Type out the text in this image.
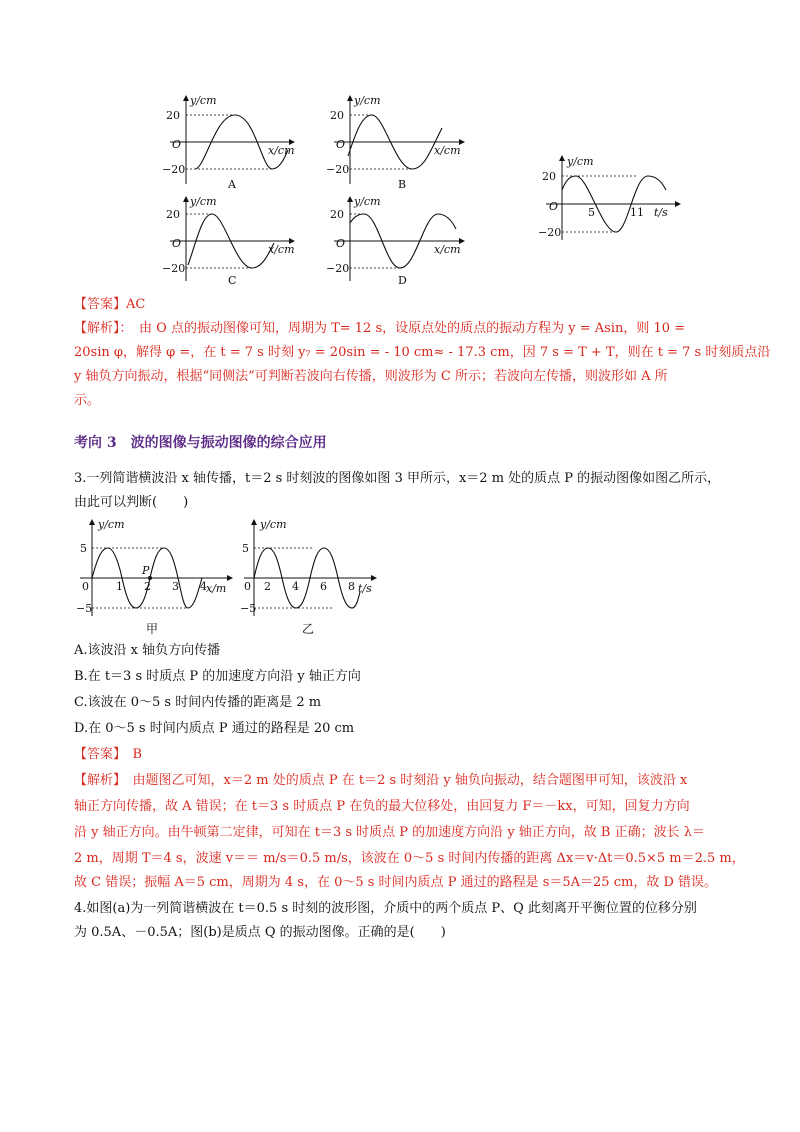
20
−20
O
y/cm
x/cm
A
20
−20
O
y/cm
x/cm
B
20
−20
O
y/cm
x/cm
C
20
−20
O
y/cm
x/cm
D
20
−20
O	5	11
y/cm
t/s
【答案】AC
【解析】：　 由 O 点的振动图像可知，周期为 T= 12 s，设原点处的质点的振动方程为 y = Asin，则 10 =
20sin φ，解得 φ =，在 t = 7 s 时刻 y₇ = 20sin = - 10 cm≈ - 17.3 cm，因 7 s = T + T，则在 t = 7 s 时刻质点沿
y 轴负方向振动，根据“同侧法”可判断若波向右传播，则波形为 C 所示；若波向左传播，则波形如 A 所
示。
考向 3　波的图像与振动图像的综合应用
3.一列简谐横波沿 x 轴传播，t＝2 s 时刻波的图像如图 3 甲所示，x＝2 m 处的质点 P 的振动图像如图乙所示，
由此可以判断(　　)
5
−5
0 1 2 3 4
P
y/cm
x/m
甲
5
−5
0 2 4 6 8
y/cm
t/s
乙
A.该波沿 x 轴负方向传播
B.在 t＝3 s 时质点 P 的加速度方向沿 y 轴正方向
C.该波在 0～5 s 时间内传播的距离是 2 m
D.在 0～5 s 时间内质点 P 通过的路程是 20 cm
【答案】　B
【解析】　 由题图乙可知，x＝2 m 处的质点 P 在 t＝2 s 时刻沿 y 轴负向振动，结合题图甲可知，该波沿 x
轴正方向传播，故 A 错误；在 t＝3 s 时质点 P 在负的最大位移处，由回复力 F＝－kx，可知，回复力方向
沿 y 轴正方向。由牛顿第二定律，可知在 t＝3 s 时质点 P 的加速度方向沿 y 轴正方向，故 B 正确；波长 λ＝
2 m，周期 T＝4 s，波速 v＝＝ m/s＝0.5 m/s，该波在 0～5 s 时间内传播的距离 Δx＝v·Δt＝0.5×5 m＝2.5 m，
故 C 错误；振幅 A＝5 cm，周期为 4 s，在 0～5 s 时间内质点 P 通过的路程是 s＝5A＝25 cm，故 D 错误。
4.如图(a)为一列简谐横波在 t＝0.5 s 时刻的波形图，介质中的两个质点 P、Q 此刻离开平衡位置的位移分别
为 0.5A、－0.5A；图(b)是质点 Q 的振动图像。正确的是(　　)
